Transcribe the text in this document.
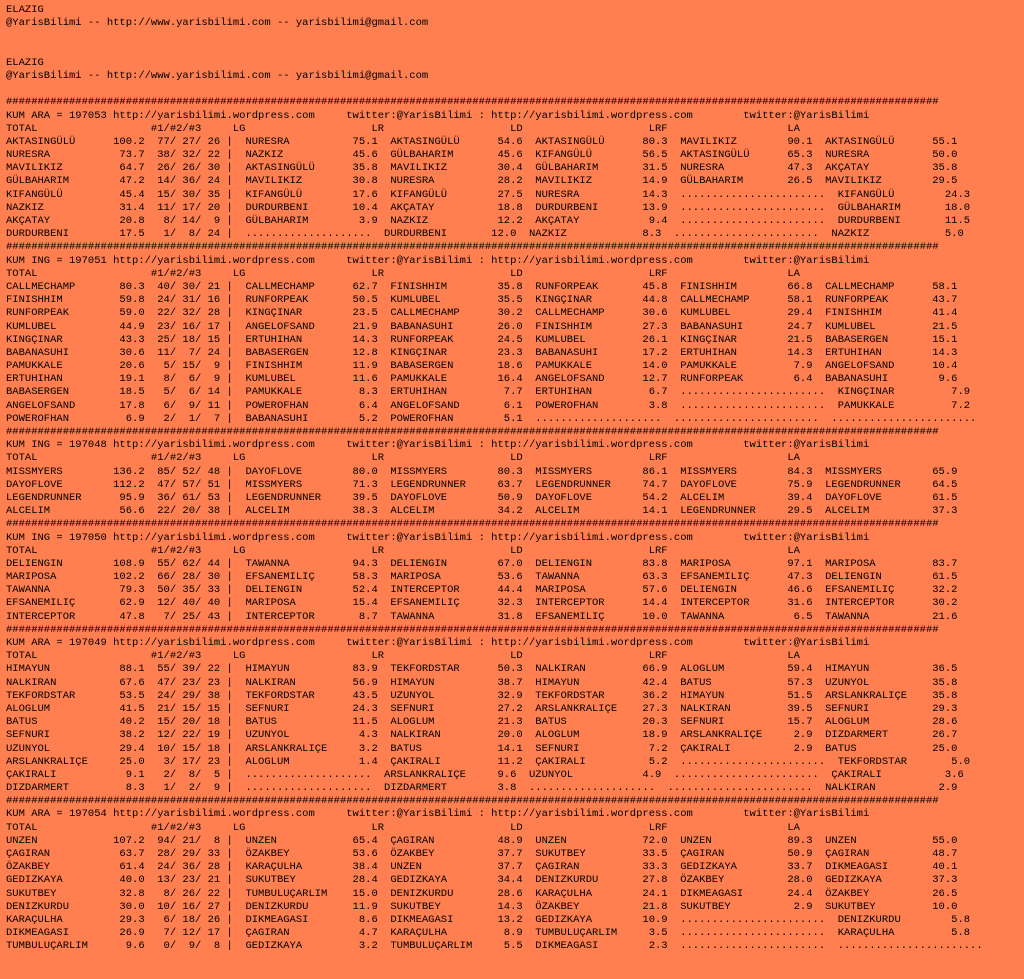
ELAZIG
@YarisBilimi -- http://www.yarisbilimi.com -- yarisbilimi@gmail.com
ELAZIG
@YarisBilimi -- http://www.yarisbilimi.com -- yarisbilimi@gmail.com
####################################################################################################################################################
KUM ARA = 197053 http://yarisbilimi.wordpress.com     twitter:@YarisBilimi : http://yarisbilimi.wordpress.com        twitter:@YarisBilimi
TOTAL                  #1/#2/#3     LG                    LR                    LD                    LRF                   LA
AKTASINGÜLÜ      100.2  77/ 27/ 26 |  NURESRA          75.1  AKTASINGÜLÜ      54.6  AKTASINGÜLÜ      80.3  MAVILIKIZ        90.1  AKTASINGÜLÜ      55.1
NURESRA           73.7  38/ 32/ 22 |  NAZKIZ           45.6  GÜLBAHARIM       45.6  KIFANGÜLÜ        56.5  AKTASINGÜLÜ      65.3  NURESRA          50.0
MAVILIKIZ         64.7  26/ 26/ 30 |  AKTASINGÜLÜ      35.8  MAVILIKIZ        30.4  GÜLBAHARIM       31.5  NURESRA          47.3  AKÇATAY          35.8
GÜLBAHARIM        47.2  14/ 36/ 24 |  MAVILIKIZ        30.8  NURESRA          28.2  MAVILIKIZ        14.9  GÜLBAHARIM       26.5  MAVILIKIZ        29.5
KIFANGÜLÜ         45.4  15/ 30/ 35 |  KIFANGÜLÜ        17.6  KIFANGÜLÜ        27.5  NURESRA          14.3  .......................  KIFANGÜLÜ        24.3
NAZKIZ            31.4  11/ 17/ 20 |  DURDURBENI       10.4  AKÇATAY          18.8  DURDURBENI       13.9  .......................  GÜLBAHARIM       18.0
AKÇATAY           20.8   8/ 14/  9 |  GÜLBAHARIM        3.9  NAZKIZ           12.2  AKÇATAY           9.4  .......................  DURDURBENI       11.5
DURDURBENI        17.5   1/  8/ 24 |  ....................  DURDURBENI       12.0  NAZKIZ            8.3  .......................  NAZKIZ            5.0
####################################################################################################################################################
KUM ING = 197051 http://yarisbilimi.wordpress.com     twitter:@YarisBilimi : http://yarisbilimi.wordpress.com        twitter:@YarisBilimi
TOTAL                  #1/#2/#3     LG                    LR                    LD                    LRF                   LA
CALLMECHAMP       80.3  40/ 30/ 21 |  CALLMECHAMP      62.7  FINISHHIM        35.8  RUNFORPEAK       45.8  FINISHHIM        66.8  CALLMECHAMP      58.1
FINISHHIM         59.8  24/ 31/ 16 |  RUNFORPEAK       50.5  KUMLUBEL         35.5  KINGÇINAR        44.8  CALLMECHAMP      58.1  RUNFORPEAK       43.7
RUNFORPEAK        59.0  22/ 32/ 28 |  KINGÇINAR        23.5  CALLMECHAMP      30.2  CALLMECHAMP      30.6  KUMLUBEL         29.4  FINISHHIM        41.4
KUMLUBEL          44.9  23/ 16/ 17 |  ANGELOFSAND      21.9  BABANASUHI       26.0  FINISHHIM        27.3  BABANASUHI       24.7  KUMLUBEL         21.5
KINGÇINAR         43.3  25/ 18/ 15 |  ERTUHIHAN        14.3  RUNFORPEAK       24.5  KUMLUBEL         26.1  KINGÇINAR        21.5  BABASERGEN       15.1
BABANASUHI        30.6  11/  7/ 24 |  BABASERGEN       12.8  KINGÇINAR        23.3  BABANASUHI       17.2  ERTUHIHAN        14.3  ERTUHIHAN        14.3
PAMUKKALE         20.6   5/ 15/  9 |  FINISHHIM        11.9  BABASERGEN       18.6  PAMUKKALE        14.0  PAMUKKALE         7.9  ANGELOFSAND      10.4
ERTUHIHAN         19.1   8/  6/  9 |  KUMLUBEL         11.6  PAMUKKALE        16.4  ANGELOFSAND      12.7  RUNFORPEAK        6.4  BABANASUHI        9.6
BABASERGEN        18.5   5/  6/ 14 |  PAMUKKALE         8.3  ERTUHIHAN         7.7  ERTUHIHAN         6.7  .......................  KINGÇINAR         7.9
ANGELOFSAND       17.8   6/  9/ 11 |  POWEROFHAN        6.4  ANGELOFSAND       6.1  POWEROFHAN        3.8  .......................  PAMUKKALE         7.2
POWEROFHAN         6.9   2/  1/  7 |  BABANASUHI        5.2  POWEROFHAN        5.1  ....................  .......................  .......................
####################################################################################################################################################
KUM ING = 197048 http://yarisbilimi.wordpress.com     twitter:@YarisBilimi : http://yarisbilimi.wordpress.com        twitter:@YarisBilimi
TOTAL                  #1/#2/#3     LG                    LR                    LD                    LRF                   LA
MISSMYERS        136.2  85/ 52/ 48 |  DAYOFLOVE        80.0  MISSMYERS        80.3  MISSMYERS        86.1  MISSMYERS        84.3  MISSMYERS        65.9
DAYOFLOVE        112.2  47/ 57/ 51 |  MISSMYERS        71.3  LEGENDRUNNER     63.7  LEGENDRUNNER     74.7  DAYOFLOVE        75.9  LEGENDRUNNER     64.5
LEGENDRUNNER      95.9  36/ 61/ 53 |  LEGENDRUNNER     39.5  DAYOFLOVE        50.9  DAYOFLOVE        54.2  ALCELIM          39.4  DAYOFLOVE        61.5
ALCELIM           56.6  22/ 20/ 38 |  ALCELIM          38.3  ALCELIM          34.2  ALCELIM          14.1  LEGENDRUNNER     29.5  ALCELIM          37.3
####################################################################################################################################################
KUM ING = 197050 http://yarisbilimi.wordpress.com     twitter:@YarisBilimi : http://yarisbilimi.wordpress.com        twitter:@YarisBilimi
TOTAL                  #1/#2/#3     LG                    LR                    LD                    LRF                   LA
DELIENGIN        108.9  55/ 62/ 44 |  TAWANNA          94.3  DELIENGIN        67.0  DELIENGIN        83.8  MARIPOSA         97.1  MARIPOSA         83.7
MARIPOSA         102.2  66/ 28/ 30 |  EFSANEMILIÇ      58.3  MARIPOSA         53.6  TAWANNA          63.3  EFSANEMILIÇ      47.3  DELIENGIN        61.5
TAWANNA           79.3  50/ 35/ 33 |  DELIENGIN        52.4  INTERCEPTOR      44.4  MARIPOSA         57.6  DELIENGIN        46.6  EFSANEMILIÇ      32.2
EFSANEMILIÇ       62.9  12/ 40/ 40 |  MARIPOSA         15.4  EFSANEMILIÇ      32.3  INTERCEPTOR      14.4  INTERCEPTOR      31.6  INTERCEPTOR      30.2
INTERCEPTOR       47.8   7/ 25/ 43 |  INTERCEPTOR       8.7  TAWANNA          31.8  EFSANEMILIÇ      10.0  TAWANNA           6.5  TAWANNA          21.6
####################################################################################################################################################
KUM ARA = 197049 http://yarisbilimi.wordpress.com     twitter:@YarisBilimi : http://yarisbilimi.wordpress.com        twitter:@YarisBilimi
TOTAL                  #1/#2/#3     LG                    LR                    LD                    LRF                   LA
HIMAYUN           88.1  55/ 39/ 22 |  HIMAYUN          83.9  TEKFORDSTAR      50.3  NALKIRAN         66.9  ALOGLUM          59.4  HIMAYUN          36.5
NALKIRAN          67.6  47/ 23/ 23 |  NALKIRAN         56.9  HIMAYUN          38.7  HIMAYUN          42.4  BATUS            57.3  UZUNYOL          35.8
TEKFORDSTAR       53.5  24/ 29/ 38 |  TEKFORDSTAR      43.5  UZUNYOL          32.9  TEKFORDSTAR      36.2  HIMAYUN          51.5  ARSLANKRALIÇE    35.8
ALOGLUM           41.5  21/ 15/ 15 |  SEFNURI          24.3  SEFNURI          27.2  ARSLANKRALIÇE    27.3  NALKIRAN         39.5  SEFNURI          29.3
BATUS             40.2  15/ 20/ 18 |  BATUS            11.5  ALOGLUM          21.3  BATUS            20.3  SEFNURI          15.7  ALOGLUM          28.6
SEFNURI           38.2  12/ 22/ 19 |  UZUNYOL           4.3  NALKIRAN         20.0  ALOGLUM          18.9  ARSLANKRALIÇE     2.9  DIZDARMERT       26.7
UZUNYOL           29.4  10/ 15/ 18 |  ARSLANKRALIÇE     3.2  BATUS            14.1  SEFNURI           7.2  ÇAKIRALI          2.9  BATUS            25.0
ARSLANKRALIÇE     25.0   3/ 17/ 23 |  ALOGLUM           1.4  ÇAKIRALI         11.2  ÇAKIRALI          5.2  .......................  TEKFORDSTAR       5.0
ÇAKIRALI           9.1   2/  8/  5 |  ....................  ARSLANKRALIÇE     9.6  UZUNYOL           4.9  .......................  ÇAKIRALI          3.6
DIZDARMERT         8.3   1/  2/  9 |  ....................  DIZDARMERT        3.8  ....................  .......................  NALKIRAN          2.9
####################################################################################################################################################
KUM ARA = 197054 http://yarisbilimi.wordpress.com     twitter:@YarisBilimi : http://yarisbilimi.wordpress.com        twitter:@YarisBilimi
TOTAL                  #1/#2/#3     LG                    LR                    LD                    LRF                   LA
UNZEN            107.2  94/ 21/  8 |  UNZEN            65.4  ÇAGIRAN          48.9  UNZEN            72.0  UNZEN            89.3  UNZEN            55.0
ÇAGIRAN           63.7  28/ 29/ 33 |  ÖZAKBEY          53.6  ÖZAKBEY          37.7  SUKUTBEY         33.5  ÇAGIRAN          50.9  ÇAGIRAN          48.7
ÖZAKBEY           61.4  24/ 36/ 28 |  KARAÇULHA        38.4  UNZEN            37.7  ÇAGIRAN          33.3  GEDIZKAYA        33.7  DIKMEAGASI       40.1
GEDIZKAYA         40.0  13/ 23/ 21 |  SUKUTBEY         28.4  GEDIZKAYA        34.4  DENIZKURDU       27.8  ÖZAKBEY          28.0  GEDIZKAYA        37.3
SUKUTBEY          32.8   8/ 26/ 22 |  TUMBULUÇARLIM    15.0  DENIZKURDU       28.6  KARAÇULHA        24.1  DIKMEAGASI       24.4  ÖZAKBEY          26.5
DENIZKURDU        30.0  10/ 16/ 27 |  DENIZKURDU       11.9  SUKUTBEY         14.3  ÖZAKBEY          21.8  SUKUTBEY          2.9  SUKUTBEY         10.0
KARAÇULHA         29.3   6/ 18/ 26 |  DIKMEAGASI        8.6  DIKMEAGASI       13.2  GEDIZKAYA        10.9  .......................  DENIZKURDU        5.8
DIKMEAGASI        26.9   7/ 12/ 17 |  ÇAGIRAN           4.7  KARAÇULHA         8.9  TUMBULUÇARLIM     3.5  .......................  KARAÇULHA         5.8
TUMBULUÇARLIM      9.6   0/  9/  8 |  GEDIZKAYA         3.2  TUMBULUÇARLIM     5.5  DIKMEAGASI        2.3  .......................  .......................
